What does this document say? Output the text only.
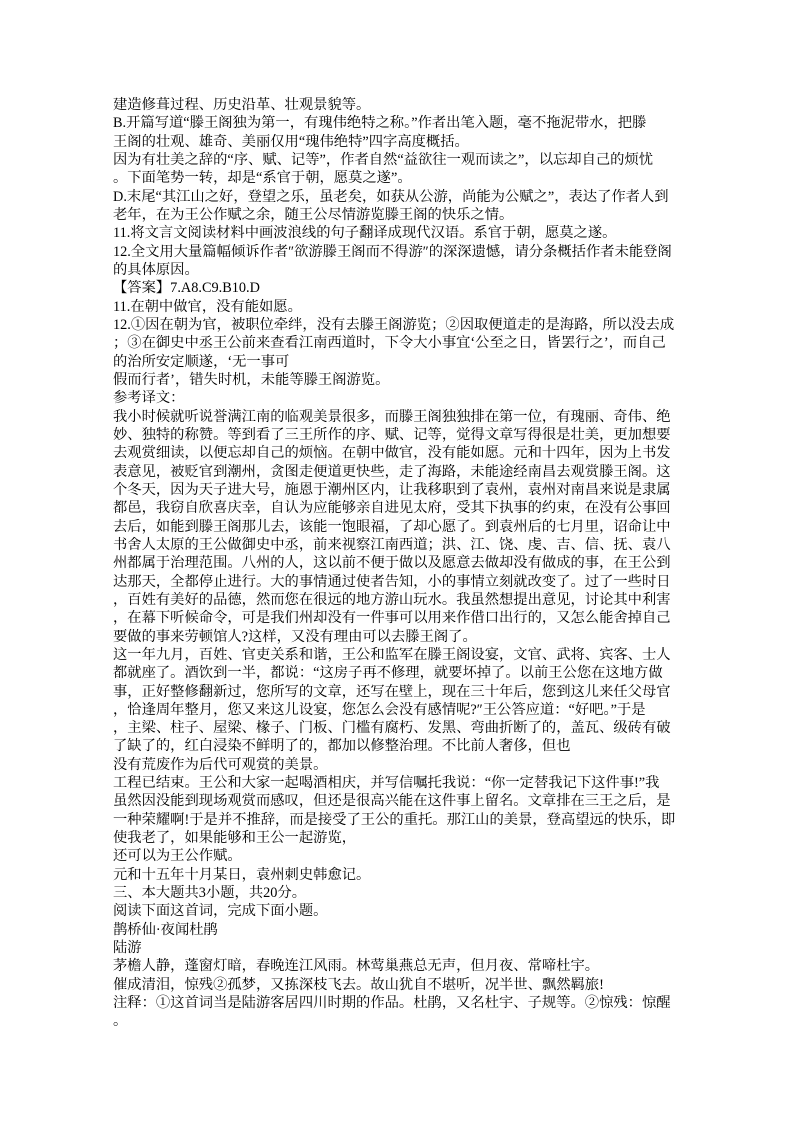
建造修葺过程、历史沿革、壮观景貌等。
B.开篇写道“滕王阁独为第一，有瑰伟绝特之称。”作者出笔入题，毫不拖泥带水，把滕
王阁的壮观、雄奇、美丽仅用“瑰伟绝特”四字高度概括。
因为有壮美之辞的“序、赋、记等”，作者自然“益欲往一观而读之”，以忘却自己的烦忧
。下面笔势一转，却是“系官于朝，愿莫之遂”。
D.末尾“其江山之好，登望之乐，虽老矣，如获从公游，尚能为公赋之”，表达了作者人到
老年，在为王公作赋之余，随王公尽情游览滕王阁的快乐之情。
11.将文言文阅读材料中画波浪线的句子翻译成现代汉语。系官于朝，愿莫之遂。
12.全文用大量篇幅倾诉作者″欲游滕王阁而不得游″的深深遗憾，请分条概括作者未能登阁
的具体原因。
【答案】7.A8.C9.B10.D
11.在朝中做官，没有能如愿。
12.①因在朝为官，被职位牵绊，没有去滕王阁游览；②因取便道走的是海路，所以没去成
；③在御史中丞王公前来查看江南西道时，下令大小事宜‘公至之日，皆罢行之’，而自己
的治所安定顺遂，‘无一事可
假而行者’，错失时机，未能等滕王阁游览。
参考译文：
我小时候就听说誉满江南的临观美景很多，而滕王阁独独排在第一位，有瑰丽、奇伟、绝
妙、独特的称赞。等到看了三王所作的序、赋、记等，觉得文章写得很是壮美，更加想要
去观赏细读，以便忘却自己的烦恼。在朝中做官，没有能如愿。元和十四年，因为上书发
表意见，被贬官到潮州，贪图走便道更快些，走了海路，未能途经南昌去观赏滕王阁。这
个冬天，因为天子进大号，施恩于潮州区内，让我移职到了袁州，袁州对南昌来说是隶属
都邑，我窃自欣喜庆幸，自认为应能够亲自进见太府，受其下执事的约束，在没有公事回
去后，如能到滕王阁那儿去，该能一饱眼福，了却心愿了。到袁州后的七月里，诏命让中
书舍人太原的王公做御史中丞，前来视察江南西道；洪、江、饶、虔、吉、信、抚、袁八
州都属于治理范围。八州的人，这以前不便于做以及愿意去做却没有做成的事，在王公到
达那天，全都停止进行。大的事情通过使者告知，小的事情立刻就改变了。过了一些时日
，百姓有美好的品德，然而您在很远的地方游山玩水。我虽然想提出意见，讨论其中利害
，在幕下听候命令，可是我们州却没有一件事可以用来作借口出行的，又怎么能舍掉自己
要做的事来劳顿馆人?这样，又没有理由可以去滕王阁了。
这一年九月，百姓、官吏关系和谐，王公和监军在滕王阁设宴，文官、武将、宾客、士人
都就座了。酒饮到一半，都说：“这房子再不修理，就要坏掉了。以前王公您在这地方做
事，正好整修翻新过，您所写的文章，还写在壁上，现在三十年后，您到这儿来任父母官
，恰逢周年整月，您又来这儿设宴，您怎么会没有感情呢?″王公答应道：“好吧。”于是
，主梁、柱子、屋梁、椽子、门板、门槛有腐朽、发黑、弯曲折断了的，盖瓦、级砖有破
了缺了的，红白浸染不鲜明了的，都加以修整治理。不比前人奢侈，但也
没有荒废作为后代可观赏的美景。
工程已结束。王公和大家一起喝酒相庆，并写信嘱托我说：“你一定替我记下这件事!”我
虽然因没能到现场观赏而感叹，但还是很高兴能在这件事上留名。文章排在三王之后，是
一种荣耀啊!于是并不推辞，而是接受了王公的重托。那江山的美景，登高望远的快乐，即
使我老了，如果能够和王公一起游览，
还可以为王公作赋。
元和十五年十月某日，袁州刺史韩愈记。
三、本大题共3小题，共20分。
阅读下面这首词，完成下面小题。
鹊桥仙·夜闻杜鹃
陆游
茅檐人静，蓬窗灯暗，春晚连江风雨。林莺巢燕总无声，但月夜、常啼杜宇。
催成清泪，惊残②孤梦，又拣深枝飞去。故山犹自不堪听，况半世、飘然羁旅!
注释：①这首词当是陆游客居四川时期的作品。杜鹃，又名杜宇、子规等。②惊残：惊醒
。
